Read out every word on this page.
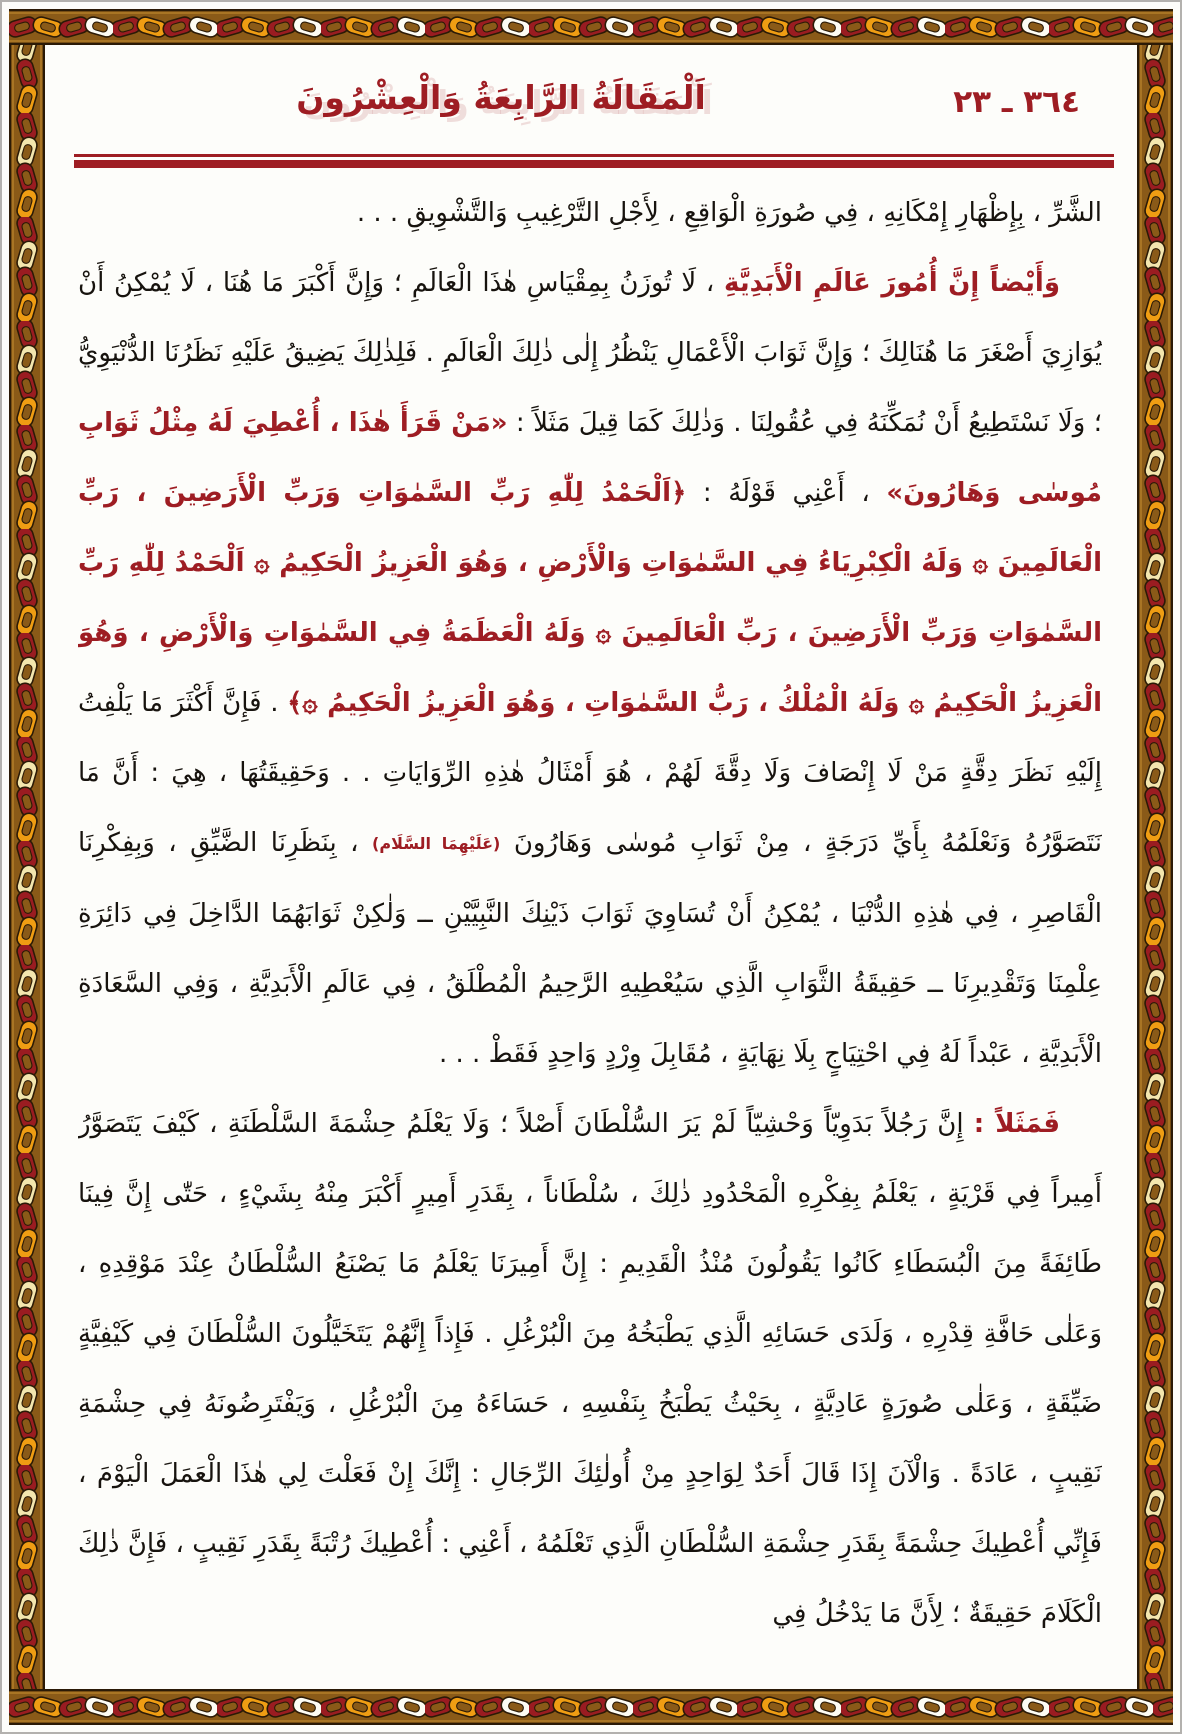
اَلْمَقَالَةُ الرَّابِعَةُ وَالْعِشْرُونَ	٣٦٤ ـ ٢٣

الشَّرِّ ، بِإِظْهَارِ إِمْكَانِهِ ، فِي صُورَةِ الْوَاقِعِ ، لِأَجْلِ التَّرْغِيبِ وَالتَّشْوِيقِ . . .

وَأَيْضاً إِنَّ أُمُورَ عَالَمِ الْأَبَدِيَّةِ ، لَا تُوزَنُ بِمِقْيَاسِ هٰذَا الْعَالَمِ ؛ وَإِنَّ أَكْبَرَ مَا هُنَا ، لَا يُمْكِنُ أَنْ يُوَازِيَ أَصْغَرَ مَا هُنَالِكَ ؛ وَإِنَّ ثَوَابَ الْأَعْمَالِ يَنْظُرُ إِلٰى ذٰلِكَ الْعَالَمِ . فَلِذٰلِكَ يَضِيقُ عَلَيْهِ نَظَرُنَا الدُّنْيَوِيُّ ؛ وَلَا نَسْتَطِيعُ أَنْ نُمَكِّنَهُ فِي عُقُولِنَا . وَذٰلِكَ كَمَا قِيلَ مَثَلاً : «مَنْ قَرَأَ هٰذَا ، أُعْطِيَ لَهُ مِثْلُ ثَوَابِ مُوسٰى وَهَارُونَ» ، أَعْنِي قَوْلَهُ : ﴿اَلْحَمْدُ لِلّٰهِ رَبِّ السَّمٰوَاتِ وَرَبِّ الْأَرَضِينَ ، رَبِّ الْعَالَمِينَ ۞ وَلَهُ الْكِبْرِيَاءُ فِي السَّمٰوَاتِ وَالْأَرْضِ ، وَهُوَ الْعَزِيزُ الْحَكِيمُ ۞ اَلْحَمْدُ لِلّٰهِ رَبِّ السَّمٰوَاتِ وَرَبِّ الْأَرَضِينَ ، رَبِّ الْعَالَمِينَ ۞ وَلَهُ الْعَظَمَةُ فِي السَّمٰوَاتِ وَالْأَرْضِ ، وَهُوَ الْعَزِيزُ الْحَكِيمُ ۞ وَلَهُ الْمُلْكُ ، رَبُّ السَّمٰوَاتِ ، وَهُوَ الْعَزِيزُ الْحَكِيمُ ۞﴾ . فَإِنَّ أَكْثَرَ مَا يَلْفِتُ إِلَيْهِ نَظَرَ دِقَّةٍ مَنْ لَا إِنْصَافَ وَلَا دِقَّةَ لَهُمْ ، هُوَ أَمْثَالُ هٰذِهِ الرِّوَايَاتِ . . وَحَقِيقَتُهَا ، هِيَ : أَنَّ مَا نَتَصَوَّرُهُ وَنَعْلَمُهُ بِأَيِّ دَرَجَةٍ ، مِنْ ثَوَابِ مُوسٰى وَهَارُونَ (عَلَيْهِمَا السَّلَام) ، بِنَظَرِنَا الضَّيِّقِ ، وَبِفِكْرِنَا الْقَاصِرِ ، فِي هٰذِهِ الدُّنْيَا ، يُمْكِنُ أَنْ تُسَاوِيَ ثَوَابَ ذَيْنِكَ النَّبِيَّيْنِ ــ وَلٰكِنْ ثَوَابَهُمَا الدَّاخِلَ فِي دَائِرَةِ عِلْمِنَا وَتَقْدِيرِنَا ــ حَقِيقَةُ الثَّوَابِ الَّذِي سَيُعْطِيهِ الرَّحِيمُ الْمُطْلَقُ ، فِي عَالَمِ الْأَبَدِيَّةِ ، وَفِي السَّعَادَةِ الْأَبَدِيَّةِ ، عَبْداً لَهُ فِي احْتِيَاجٍ بِلَا نِهَايَةٍ ، مُقَابِلَ وِرْدٍ وَاحِدٍ فَقَطْ . . .

فَمَثَلاً : إِنَّ رَجُلاً بَدَوِيّاً وَحْشِيّاً لَمْ يَرَ السُّلْطَانَ أَصْلاً ؛ وَلَا يَعْلَمُ حِشْمَةَ السَّلْطَنَةِ ، كَيْفَ يَتَصَوَّرُ أَمِيراً فِي قَرْيَةٍ ، يَعْلَمُ بِفِكْرِهِ الْمَحْدُودِ ذٰلِكَ ، سُلْطَاناً ، بِقَدَرِ أَمِيرٍ أَكْبَرَ مِنْهُ بِشَيْءٍ ، حَتّٰى إِنَّ فِينَا طَائِفَةً مِنَ الْبُسَطَاءِ كَانُوا يَقُولُونَ مُنْذُ الْقَدِيمِ : إِنَّ أَمِيرَنَا يَعْلَمُ مَا يَصْنَعُ السُّلْطَانُ عِنْدَ مَوْقِدِهِ ، وَعَلٰى حَافَّةِ قِدْرِهِ ، وَلَدَى حَسَائِهِ الَّذِي يَطْبَخُهُ مِنَ الْبُرْغُلِ . فَإِذاً إِنَّهُمْ يَتَخَيَّلُونَ السُّلْطَانَ فِي كَيْفِيَّةٍ ضَيِّقَةٍ ، وَعَلٰى صُورَةٍ عَادِيَّةٍ ، بِحَيْثُ يَطْبَخُ بِنَفْسِهِ ، حَسَاءَهُ مِنَ الْبُرْغُلِ ، وَيَفْتَرِضُونَهُ فِي حِشْمَةِ نَقِيبٍ ، عَادَةً . وَالْآنَ إِذَا قَالَ أَحَدٌ لِوَاحِدٍ مِنْ أُولٰئِكَ الرِّجَالِ : إِنَّكَ إِنْ فَعَلْتَ لِي هٰذَا الْعَمَلَ الْيَوْمَ ، فَإِنِّي أُعْطِيكَ حِشْمَةً بِقَدَرِ حِشْمَةِ السُّلْطَانِ الَّذِي تَعْلَمُهُ ، أَعْنِي : أُعْطِيكَ رُتْبَةً بِقَدَرِ نَقِيبٍ ، فَإِنَّ ذٰلِكَ الْكَلَامَ حَقِيقَةٌ ؛ لِأَنَّ مَا يَدْخُلُ فِي
